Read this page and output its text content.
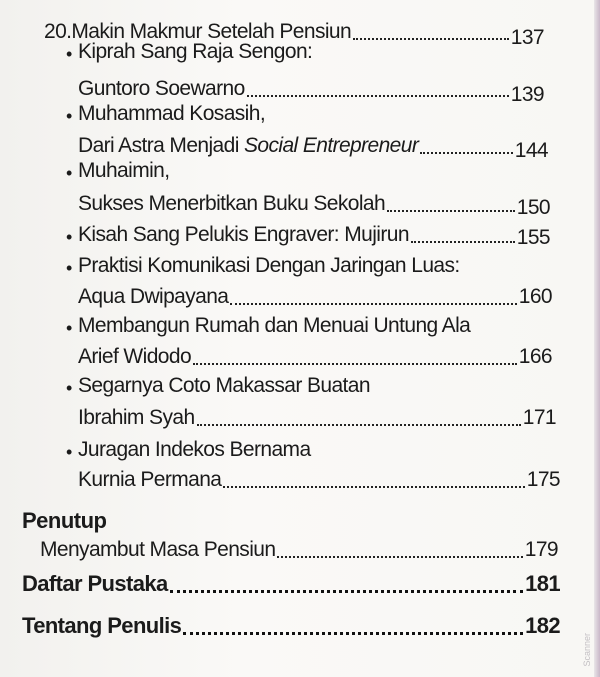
20.Makin Makmur Setelah Pensiun	137
• Kiprah Sang Raja Sengon:
Guntoro Soewarno	139
• Muhammad Kosasih,
Dari Astra Menjadi Social Entrepreneur	144
• Muhaimin,
Sukses Menerbitkan Buku Sekolah	150
• Kisah Sang Pelukis Engraver: Mujirun	155
• Praktisi Komunikasi Dengan Jaringan Luas:
Aqua Dwipayana	160
• Membangun Rumah dan Menuai Untung Ala
Arief Widodo	166
• Segarnya Coto Makassar Buatan
Ibrahim Syah	171
• Juragan Indekos Bernama
Kurnia Permana	175
Penutup
Menyambut Masa Pensiun	179
Daftar Pustaka	181
Tentang Penulis	182
Scanner
